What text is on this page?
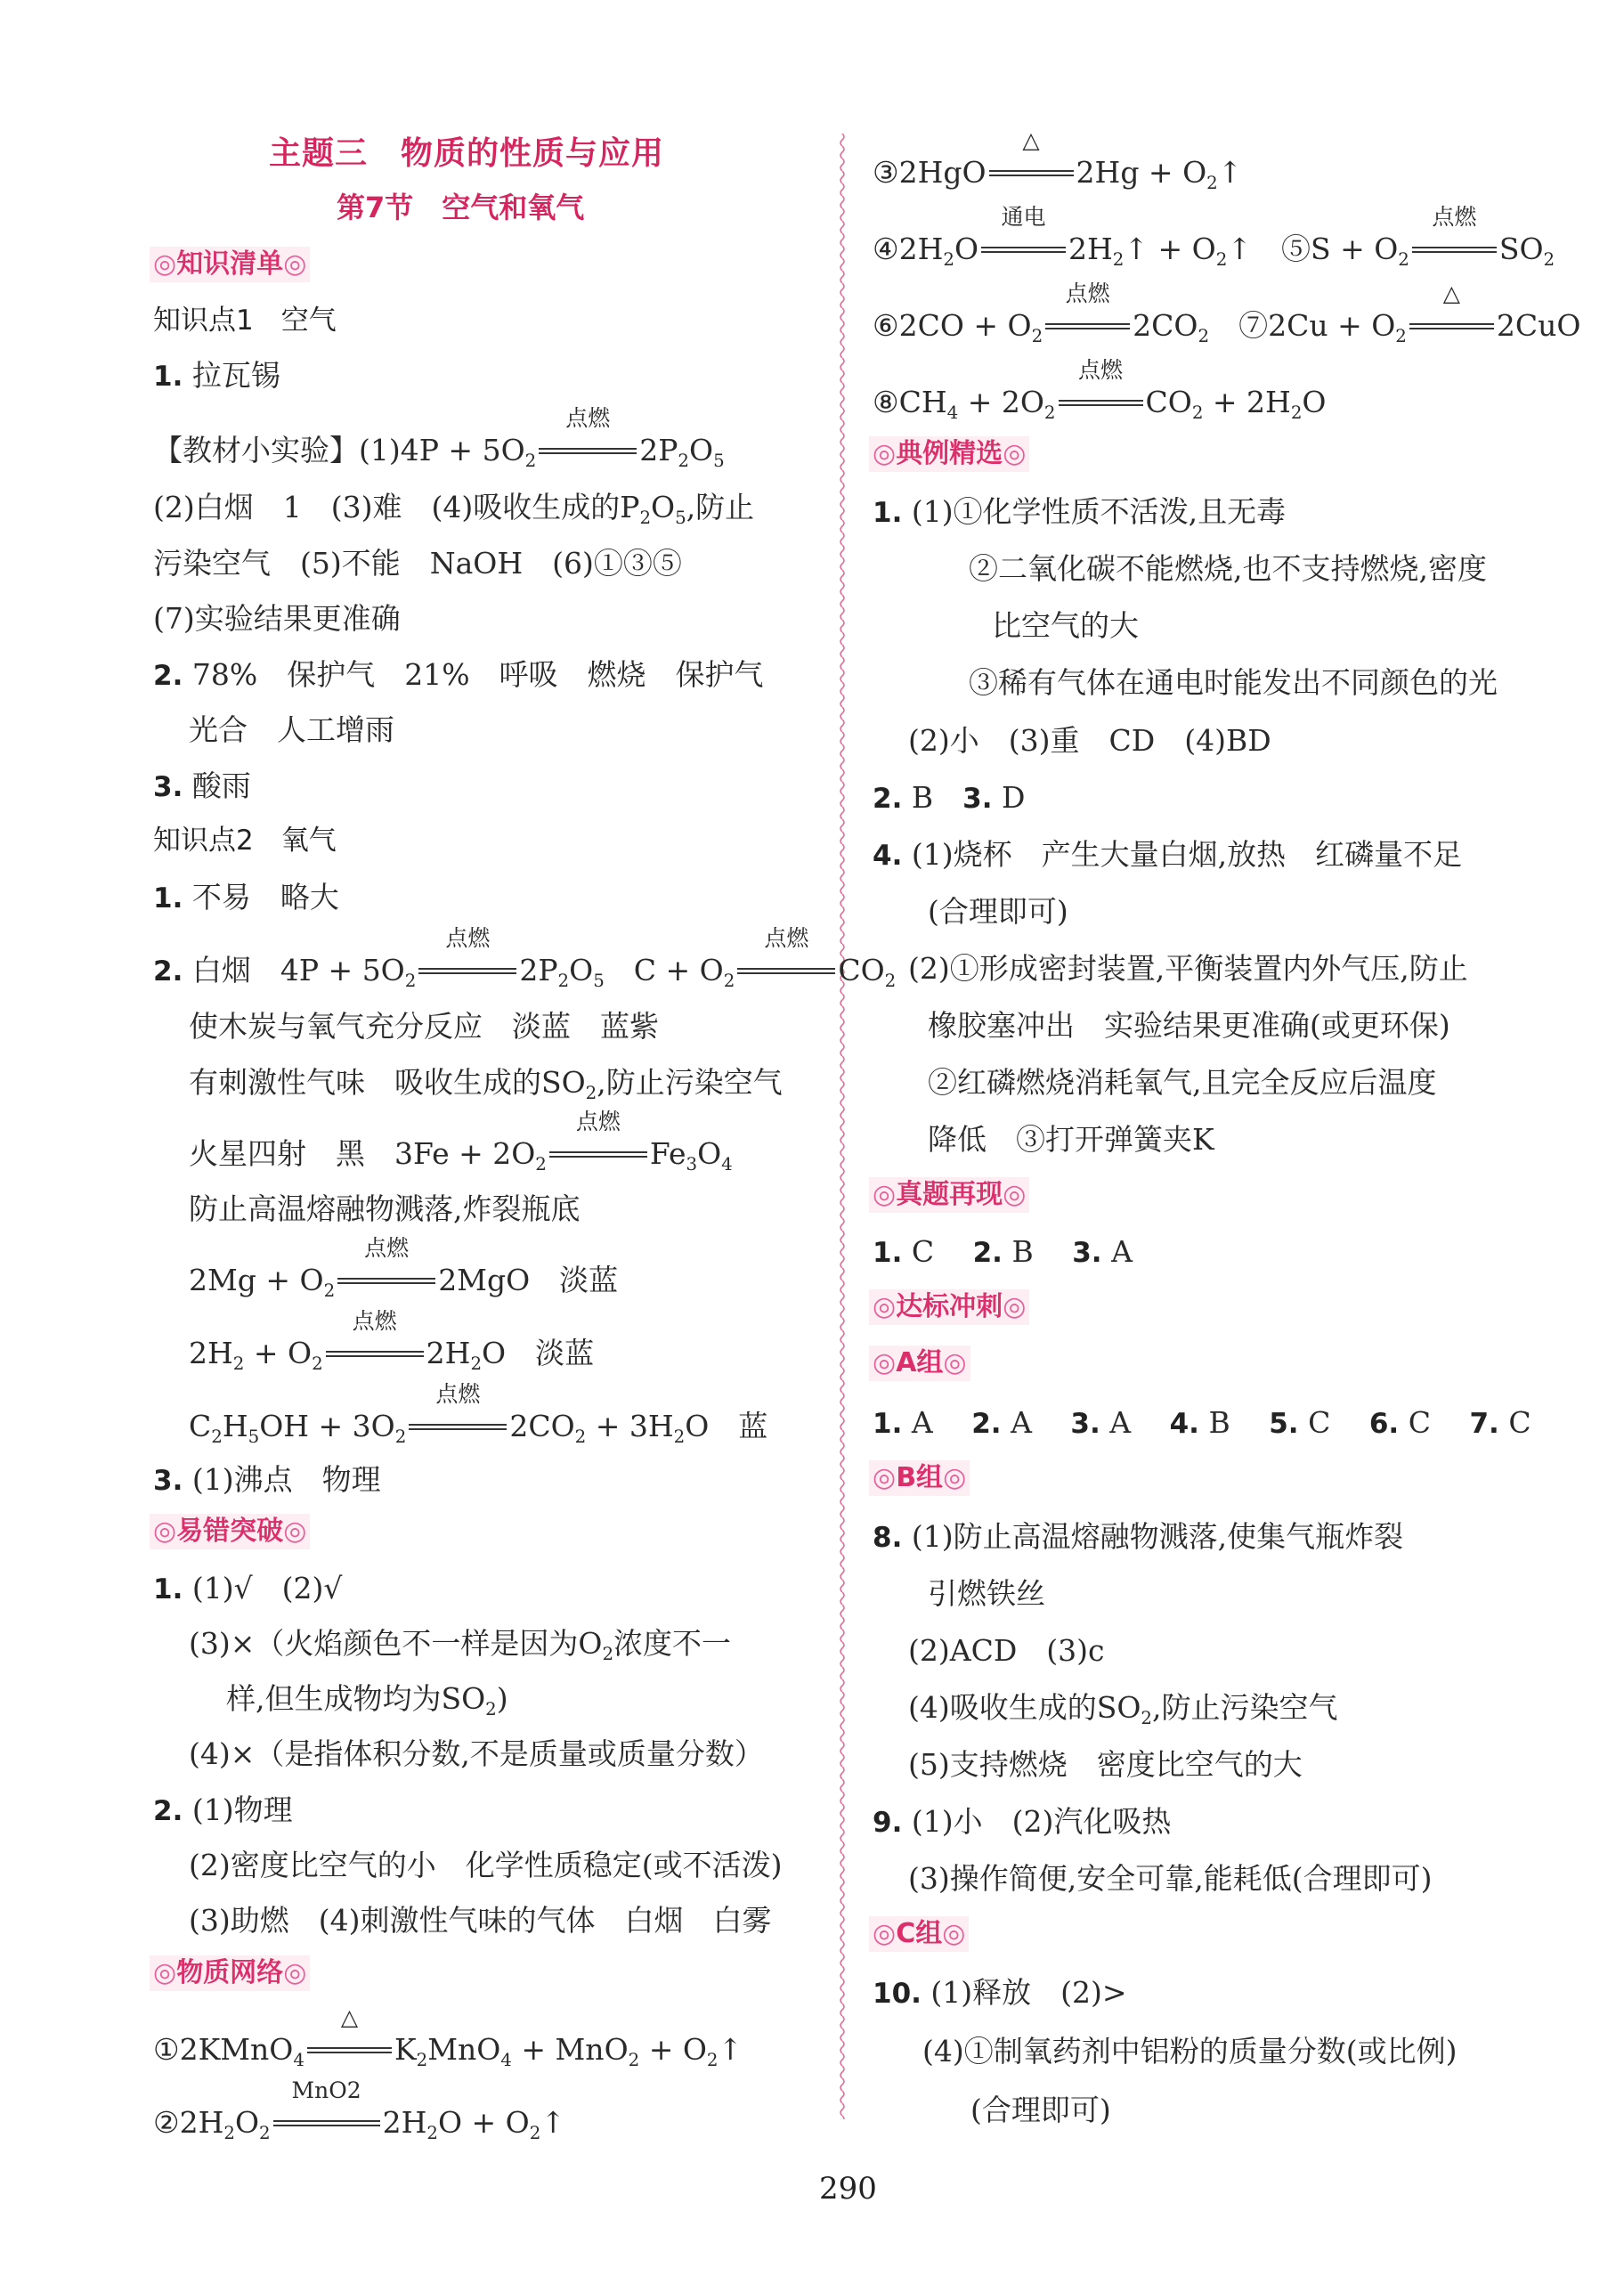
主题三　物质的性质与应用
第7节　空气和氧气
◎知识清单◎
知识点1　空气
1. 拉瓦锡
【教材小实验】$(1)4P + 5O_2$
点燃
$2P_2O_5$
(2)白烟　1　(3)难　(4)吸收生成的$P_2O_5$,防止
污染空气　(5)不能　NaOH　(6)①③⑤
(7)实验结果更准确
2. 78%　保护气　21%　呼吸　燃烧　保护气
光合　人工增雨
3. 酸雨
知识点2　氧气
1. 不易　略大
2. 白烟　$4P + 5O_2$
点燃
$2P_2O_5$　$C + O_2$
点燃
$CO_2$
使木炭与氧气充分反应　淡蓝　蓝紫
有刺激性气味　吸收生成的$SO_2$,防止污染空气
火星四射　黑　$3Fe + 2O_2$
点燃
$Fe_3O_4$
防止高温熔融物溅落,炸裂瓶底
$2Mg + O_2$
点燃
2MgO　淡蓝
$2H_2 + O_2$
点燃
$2H_2O$　淡蓝
$C_2H_5OH + 3O_2$
点燃
$2CO_2 + 3H_2O$　蓝
3. (1)沸点　物理
◎易错突破◎
1. (1)√　(2)√
(3)×（火焰颜色不一样是因为$O_2$浓度不一
样,但生成物均为$SO_2$)
(4)×（是指体积分数,不是质量或质量分数）
2. (1)物理
(2)密度比空气的小　化学性质稳定(或不活泼)
(3)助燃　(4)刺激性气味的气体　白烟　白雾
◎物质网络◎
①2KMnO$_4$
△
$K_2MnO_4 + MnO_2$ + $O_2↑$
$②2H_2O_2$
MnO2
$2H_2O$ + $O_2↑$
③2HgO
△
$2Hg + O_2↑$
$④2H_2O$
通电
$2H_2↑$ + $O_2↑$　⑤S + $O_2$
点燃
$SO_2$
⑥2CO + $O_2$
点燃
$2CO_2$　 ⑦2Cu + $O_2$
△
2CuO
$⑧CH_4 + 2O_2$
点燃
$CO_2 + 2H_2O$
◎典例精选◎
1. (1)①化学性质不活泼,且无毒
②二氧化碳不能燃烧,也不支持燃烧,密度
比空气的大
③稀有气体在通电时能发出不同颜色的光
(2)小　(3)重　CD　(4)BD
2. B　 3. D
4. (1)烧杯　产生大量白烟,放热　红磷量不足
(合理即可)
(2)①形成密封装置,平衡装置内外气压,防止
橡胶塞冲出　实验结果更准确(或更环保)
②红磷燃烧消耗氧气,且完全反应后温度
降低　③打开弹簧夹K
◎真题再现◎
1. C　 2. B　 3. A
◎达标冲刺◎
◎A组◎
1. A　 2. A　 3. A　 4. B　 5. C　 6. C　 7. C
◎B组◎
8. (1)防止高温熔融物溅落,使集气瓶炸裂
引燃铁丝
(2)ACD　(3)c
(4)吸收生成的$SO_2$,防止污染空气
(5)支持燃烧　密度比空气的大
9. (1)小　(2)汽化吸热
(3)操作简便,安全可靠,能耗低(合理即可)
◎C组◎
10. (1)释放　(2)>
(4)①制氧药剂中铝粉的质量分数(或比例)
(合理即可)
290
